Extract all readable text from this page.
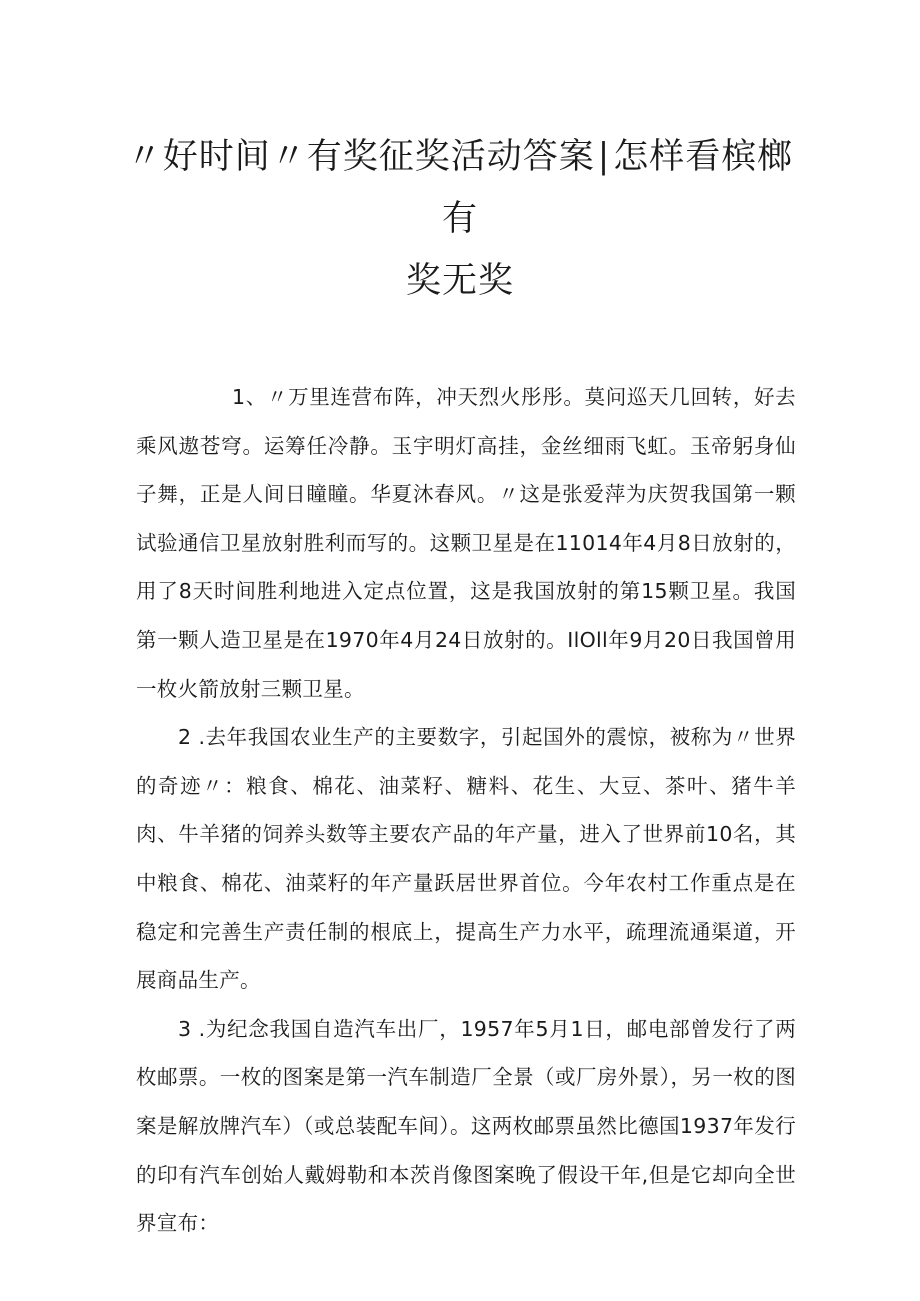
〃好时间〃有奖征奖活动答案∣怎样看槟榔
有
奖无奖

1、〃万里连营布阵，冲天烈火彤彤。莫问巡天几回转，好去乘风遨苍穹。运筹任冷静。玉宇明灯高挂，金丝细雨飞虹。玉帝躬身仙子舞，正是人间日瞳瞳。华夏沐春风。〃这是张爱萍为庆贺我国第一颗试验通信卫星放射胜利而写的。这颗卫星是在11014年4月8日放射的，用了8天时间胜利地进入定点位置，这是我国放射的第15颗卫星。我国第一颗人造卫星是在1970年4月24日放射的。IlOll年9月20日我国曾用一枚火箭放射三颗卫星。

2 .去年我国农业生产的主要数字，引起国外的震惊，被称为〃世界的奇迹〃：粮食、棉花、油菜籽、糖料、花生、大豆、茶叶、猪牛羊肉、牛羊猪的饲养头数等主要农产品的年产量，进入了世界前10名，其中粮食、棉花、油菜籽的年产量跃居世界首位。今年农村工作重点是在稳定和完善生产责任制的根底上，提高生产力水平，疏理流通渠道，开展商品生产。

3 .为纪念我国自造汽车出厂，1957年5月1日，邮电部曾发行了两枚邮票。一枚的图案是第一汽车制造厂全景（或厂房外景），另一枚的图案是解放牌汽车）（或总装配车间）。这两枚邮票虽然比德国1937年发行的印有汽车创始人戴姆勒和本茨肖像图案晚了假设干年,但是它却向全世界宣布：
